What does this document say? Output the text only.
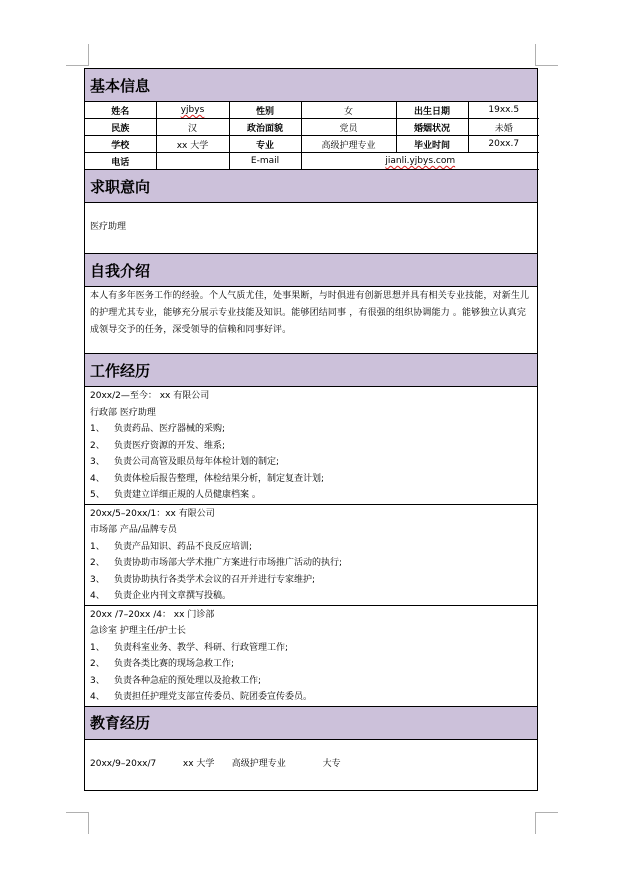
基本信息
姓名	yjbys	性别	女	出生日期	19xx.5
民族	汉	政治面貌	党员	婚姻状况	未婚
学校	xx 大学	专业	高级护理专业	毕业时间	20xx.7
电话		E-mail	jianli.yjbys.com		
求职意向
医疗助理
自我介绍
本人有多年医务工作的经验。个人气质尤佳，处事果断，与时俱进有创新思想并具有相关专业技能，对新生儿的护理尤其专业，能够充分展示专业技能及知识。能够团结同事 ，有很强的组织协调能力 。能够独立认真完成领导交予的任务，深受领导的信赖和同事好评。
工作经历
20xx/2—至今： xx 有限公司
行政部 医疗助理
1、 负责药品、医疗器械的采购;
2、 负责医疗资源的开发、维系;
3、 负责公司高管及眼员每年体检计划的制定;
4、 负责体检后报告整理，体检结果分析，制定复查计划;
5、 负责建立详细正規的人员健康档案 。
20xx/5–20xx/1：xx 有限公司
市场部 产品/品牌专员
1、 负责产品知识、药品不良反应培训;
2、 负责协助市场部大学术推广方案进行市场推广活动的执行;
3、 负责协助执行各类学术会议的召开并进行专家维护;
4、 负责企业内刊文章撰写投稿。
20xx /7–20xx /4： xx 门诊部
急诊室 护理主任/护士长
1、 负责科室业务、教学、科研、行政管理工作;
2、 负责各类比赛的现场急救工作;
3、 负责各种急症的预处理以及抢救工作;
4、 负责担任护理党支部宣传委员、院团委宣传委员。
教育经历
20xx/9–20xx/7	xx 大学 高级护理专业	大专
